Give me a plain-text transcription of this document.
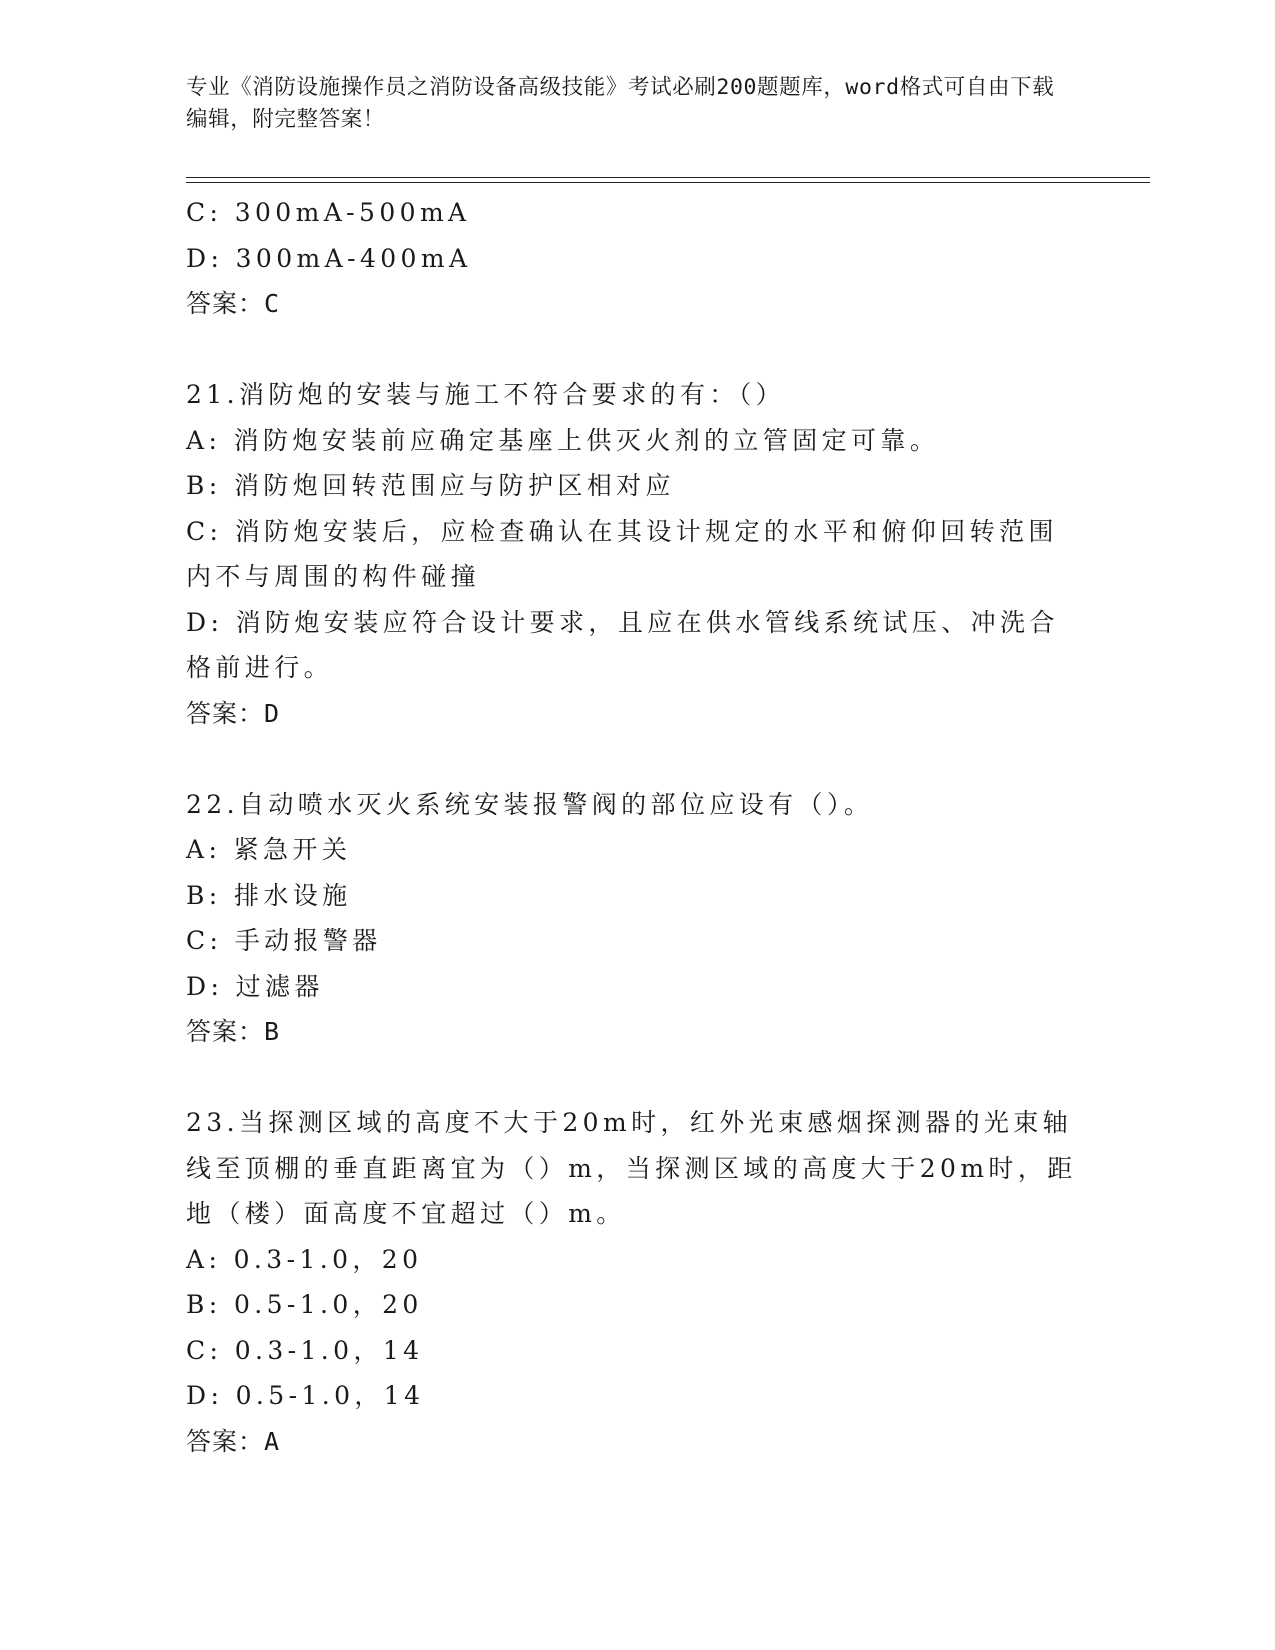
专业《消防设施操作员之消防设备高级技能》考试必刷200题题库，word格式可自由下载编辑，附完整答案！

C: 300mA-500mA

D: 300mA-400mA

答案：C

21.消防炮的安装与施工不符合要求的有：（）

A: 消防炮安装前应确定基座上供灭火剂的立管固定可靠。

B: 消防炮回转范围应与防护区相对应

C: 消防炮安装后，应检查确认在其设计规定的水平和俯仰回转范围内不与周围的构件碰撞

D: 消防炮安装应符合设计要求，且应在供水管线系统试压、冲洗合格前进行。

答案：D

22.自动喷水灭火系统安装报警阀的部位应设有（）。

A: 紧急开关

B: 排水设施

C: 手动报警器

D: 过滤器

答案：B

23.当探测区域的高度不大于20m时，红外光束感烟探测器的光束轴线至顶棚的垂直距离宜为（）m，当探测区域的高度大于20m时，距地（楼）面高度不宜超过（）m。

A: 0.3-1.0，20

B: 0.5-1.0，20

C: 0.3-1.0，14

D: 0.5-1.0，14

答案：A
